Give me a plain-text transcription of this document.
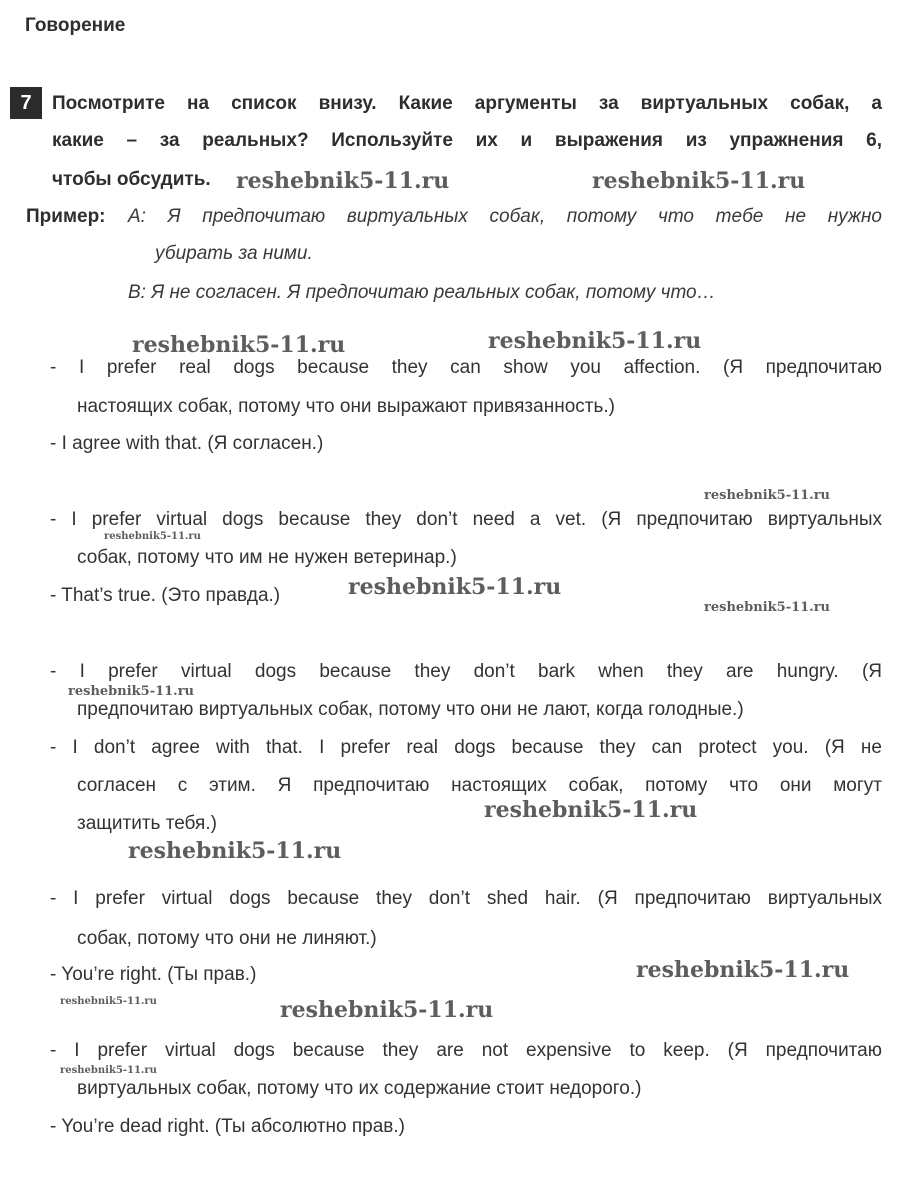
Говорение
7	Посмотрите на список внизу. Какие аргументы за виртуальных собак, а
какие – за реальных? Используйте их и выражения из упражнения 6,
чтобы обсудить.
Пример: A: Я предпочитаю виртуальных собак, потому что тебе не нужно
убирать за ними.
B: Я не согласен. Я предпочитаю реальных собак, потому что…
- I prefer real dogs because they can show you affection. (Я предпочитаю
настоящих собак, потому что они выражают привязанность.)
- I agree with that. (Я согласен.)
- I prefer virtual dogs because they don’t need a vet. (Я предпочитаю виртуальных
собак, потому что им не нужен ветеринар.)
- That’s true. (Это правда.)
- I prefer virtual dogs because they don’t bark when they are hungry. (Я
предпочитаю виртуальных собак, потому что они не лают, когда голодные.)
- I don’t agree with that. I prefer real dogs because they can protect you. (Я не
согласен с этим. Я предпочитаю настоящих собак, потому что они могут
защитить тебя.)
- I prefer virtual dogs because they don’t shed hair. (Я предпочитаю виртуальных
собак, потому что они не линяют.)
- You’re right. (Ты прав.)
- I prefer virtual dogs because they are not expensive to keep. (Я предпочитаю
виртуальных собак, потому что их содержание стоит недорого.)
- You’re dead right. (Ты абсолютно прав.)
reshebnik5-11.ru	reshebnik5-11.ru
reshebnik5-11.ru	reshebnik5-11.ru
reshebnik5-11.ru
reshebnik5-11.ru
reshebnik5-11.ru
reshebnik5-11.ru
reshebnik5-11.ru
reshebnik5-11.ru
reshebnik5-11.ru
reshebnik5-11.ru
reshebnik5-11.ru	reshebnik5-11.ru
reshebnik5-11.ru
